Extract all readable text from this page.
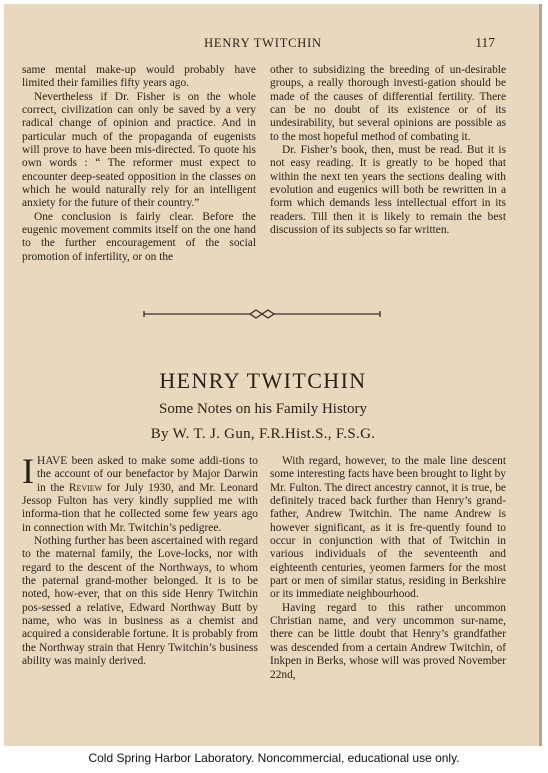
HENRY TWITCHIN	117

same mental make-up would probably have limited their families fifty years ago.

Nevertheless if Dr. Fisher is on the whole correct, civilization can only be saved by a very radical change of opinion and practice. And in particular much of the propaganda of eugenists will prove to have been mis-directed. To quote his own words : “ The reformer must expect to encounter deep-seated opposition in the classes on which he would naturally rely for an intelligent anxiety for the future of their country.”

One conclusion is fairly clear. Before the eugenic movement commits itself on the one hand to the further encouragement of the social promotion of infertility, or on the

other to subsidizing the breeding of un-desirable groups, a really thorough investi-gation should be made of the causes of differential fertility. There can be no doubt of its existence or of its undesirability, but several opinions are possible as to the most hopeful method of combating it.

Dr. Fisher’s book, then, must be read. But it is not easy reading. It is greatly to be hoped that within the next ten years the sections dealing with evolution and eugenics will both be rewritten in a form which demands less intellectual effort in its readers. Till then it is likely to remain the best discussion of its subjects so far written.

HENRY TWITCHIN
Some Notes on his Family History
By W. T. J. Gun, F.R.Hist.S., F.S.G.

IHAVE been asked to make some addi-tions to the account of our benefactor by Major Darwin in the Review for July 1930, and Mr. Leonard Jessop Fulton has very kindly supplied me with informa-tion that he collected some few years ago in connection with Mr. Twitchin’s pedigree.

Nothing further has been ascertained with regard to the maternal family, the Love-locks, nor with regard to the descent of the Northways, to whom the paternal grand-mother belonged. It is to be noted, how-ever, that on this side Henry Twitchin pos-sessed a relative, Edward Northway Butt by name, who was in business as a chemist and acquired a considerable fortune. It is probably from the Northway strain that Henry Twitchin’s business ability was mainly derived.

With regard, however, to the male line descent some interesting facts have been brought to light by Mr. Fulton. The direct ancestry cannot, it is true, be definitely traced back further than Henry’s grand-father, Andrew Twitchin. The name Andrew is however significant, as it is fre-quently found to occur in conjunction with that of Twitchin in various individuals of the seventeenth and eighteenth centuries, yeomen farmers for the most part or men of similar status, residing in Berkshire or its immediate neighbourhood.

Having regard to this rather uncommon Christian name, and very uncommon sur-name, there can be little doubt that Henry’s grandfather was descended from a certain Andrew Twitchin, of Inkpen in Berks, whose will was proved November 22nd,

Cold Spring Harbor Laboratory. Noncommercial, educational use only.
